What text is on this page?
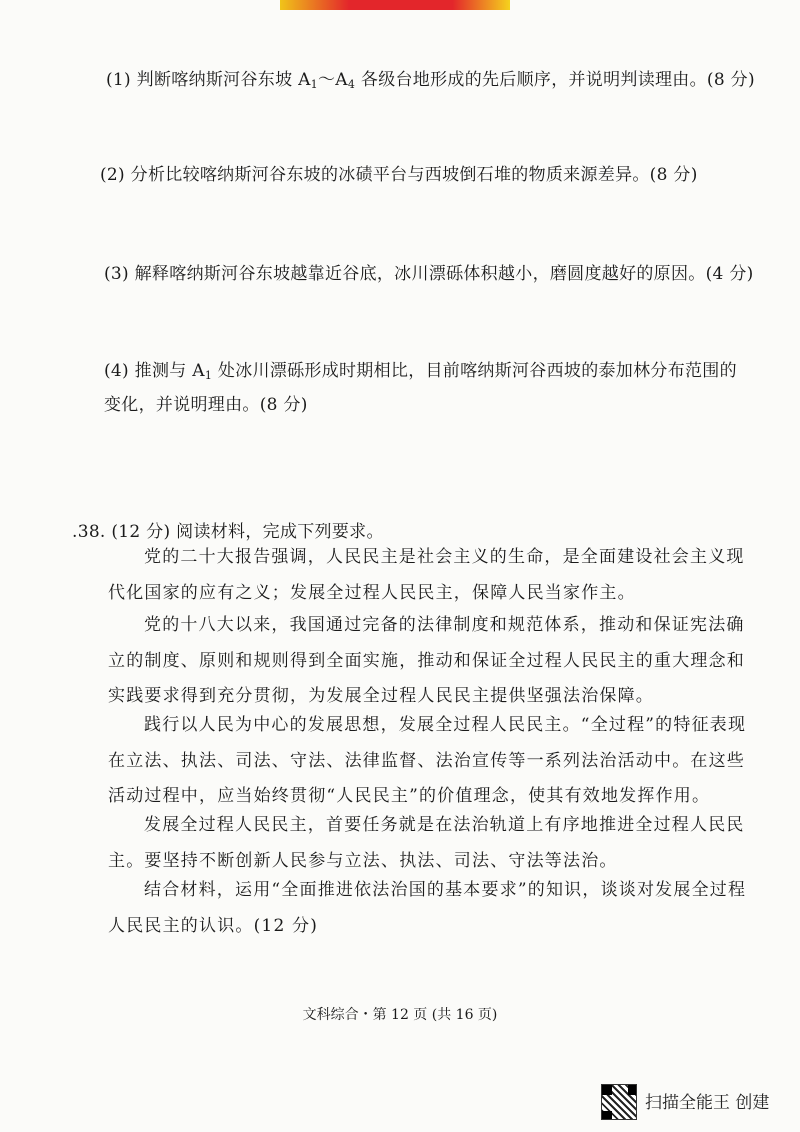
(1) 判断喀纳斯河谷东坡 $A_1\sim A_4$ 各级台地形成的先后顺序，并说明判读理由。(8 分)
(2) 分析比较喀纳斯河谷东坡的冰碛平台与西坡倒石堆的物质来源差异。(8 分)
(3) 解释喀纳斯河谷东坡越靠近谷底，冰川漂砾体积越小，磨圆度越好的原因。(4 分)
(4) 推测与 $A_1$ 处冰川漂砾形成时期相比，目前喀纳斯河谷西坡的泰加林分布范围的
变化，并说明理由。(8 分)
.38. (12 分) 阅读材料，完成下列要求。
党的二十大报告强调，人民民主是社会主义的生命，是全面建设社会主义现代化国家的应有之义；发展全过程人民民主，保障人民当家作主。
党的十八大以来，我国通过完备的法律制度和规范体系，推动和保证宪法确立的制度、原则和规则得到全面实施，推动和保证全过程人民民主的重大理念和实践要求得到充分贯彻，为发展全过程人民民主提供坚强法治保障。
践行以人民为中心的发展思想，发展全过程人民民主。“全过程”的特征表现在立法、执法、司法、守法、法律监督、法治宣传等一系列法治活动中。在这些活动过程中，应当始终贯彻“人民民主”的价值理念，使其有效地发挥作用。
发展全过程人民民主，首要任务就是在法治轨道上有序地推进全过程人民民主。要坚持不断创新人民参与立法、执法、司法、守法等法治。
结合材料，运用“全面推进依法治国的基本要求”的知识，谈谈对发展全过程人民民主的认识。(12 分)
文科综合・第 12 页 (共 16 页)
扫描全能王 创建
